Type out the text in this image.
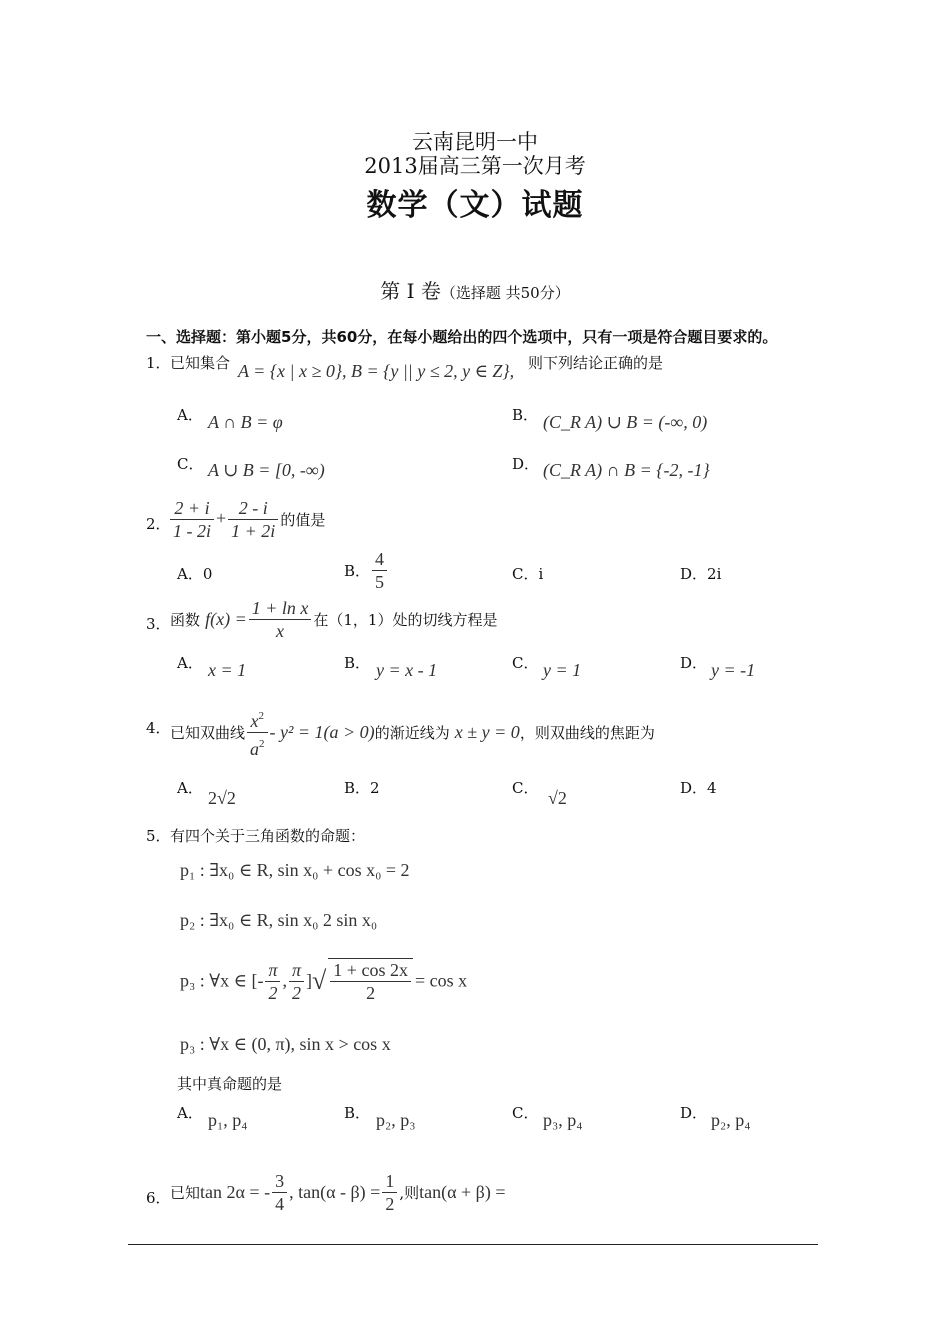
云南昆明一中
2013届高三第一次月考
数学（文）试题
第 I 卷（选择题 共50分）
一、选择题：第小题5分，共60分，在每小题给出的四个选项中，只有一项是符合题目要求的。
1． 已知集合 A = {x | x ≥ 0}, B = {y || y ≤ 2, y ∈ Z}, 则下列结论正确的是
A． A ∩ B = φ	B． (C_R A) ∪ B = (-∞, 0)
C． A ∪ B = [0, -∞)	D． (C_R A) ∩ B = {-2, -1}
2． $\frac{2 + i}{1 - 2i} + \frac{2 - i}{1 + 2i}$ 的值是
A．0	B． $\frac{4}{5}$	C．i	D．2i
3． 函数 $f(x) = \frac{\text{1 + ln x}}{x}$ 在（1，1）处的切线方程是
A． x = 1	B． y = x - 1	C． y = 1	D． y = -1
4． 已知双曲线 $\frac{x^2}{a^2} - y^2 = 1(a > 0)$的渐近线为 x ± y = 0，则双曲线的焦距为
A． 2√2	B．2	C． √2	D．4
5． 有四个关于三角函数的命题：
p₁ : ∃x₀ ∈ R, sin x₀ + cos x₀ = 2
p₂ : ∃x₀ ∈ R, sin x₀ 2 sin x₀
p₃ : ∀x ∈ [- $\frac{\pi}{2}$ , $\frac{\pi}{2}$ ]√ $\frac{1 + \cos 2x}{2} = \cos x$
p₃ : ∀x ∈ (0, π), sin x > cos x
其中真命题的是
A． p₁, p₄	B． p₂, p₃	C． p₃, p₄	D． p₂, p₄
6． 已知tan 2α = - $\frac{3}{4}$ , $\tan(\alpha - \beta) = \frac{1}{2}$ ,则tan(α + β) =
